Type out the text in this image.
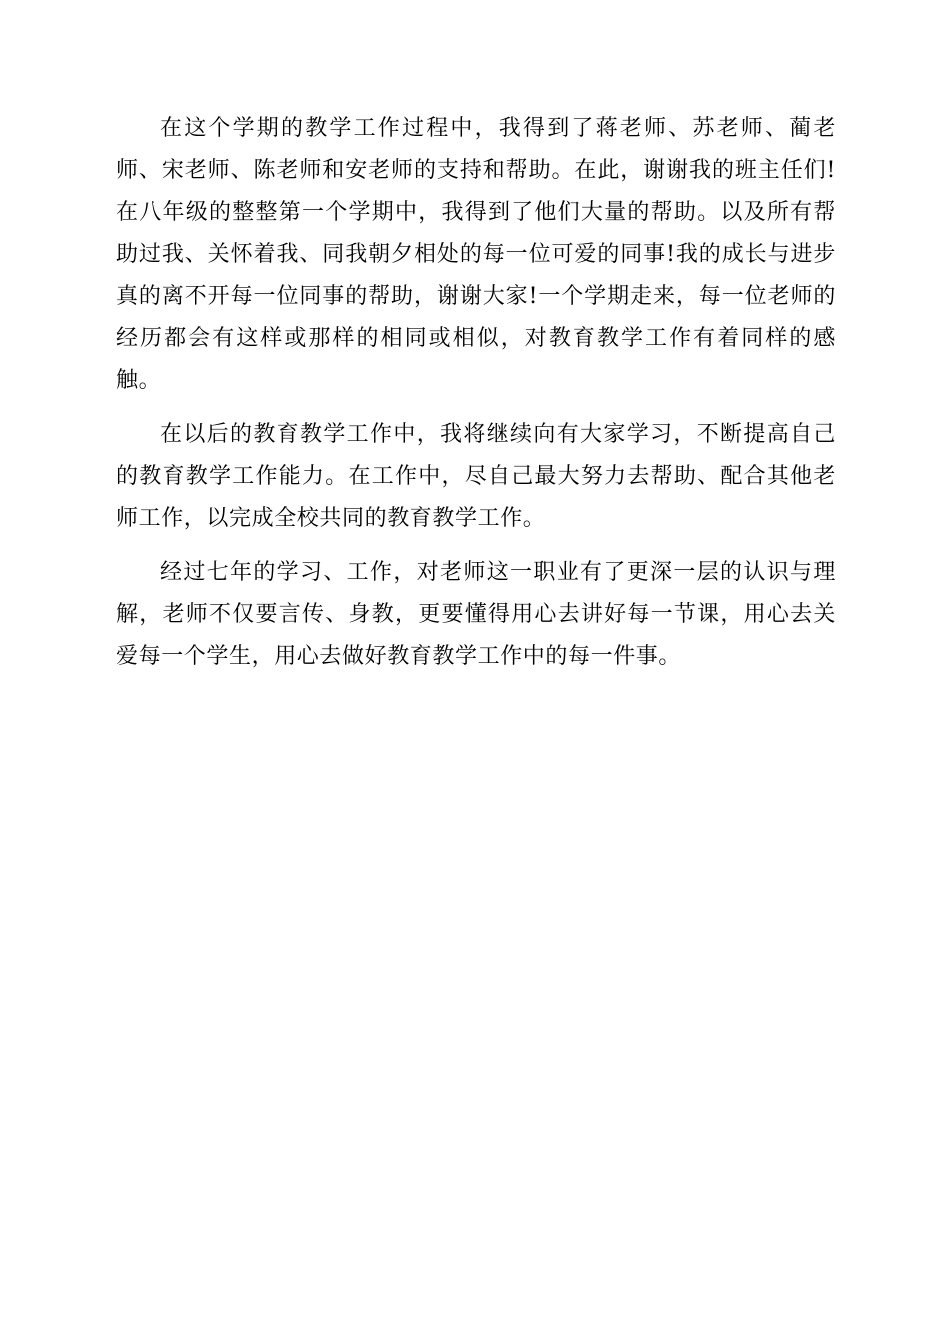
在这个学期的教学工作过程中，我得到了蒋老师、苏老师、蔺老师、宋老师、陈老师和安老师的支持和帮助。在此，谢谢我的班主任们!在八年级的整整第一个学期中，我得到了他们大量的帮助。以及所有帮助过我、关怀着我、同我朝夕相处的每一位可爱的同事!我的成长与进步真的离不开每一位同事的帮助，谢谢大家!一个学期走来，每一位老师的经历都会有这样或那样的相同或相似，对教育教学工作有着同样的感触。

在以后的教育教学工作中，我将继续向有大家学习，不断提高自己的教育教学工作能力。在工作中，尽自己最大努力去帮助、配合其他老师工作，以完成全校共同的教育教学工作。

经过七年的学习、工作，对老师这一职业有了更深一层的认识与理解，老师不仅要言传、身教，更要懂得用心去讲好每一节课，用心去关爱每一个学生，用心去做好教育教学工作中的每一件事。
